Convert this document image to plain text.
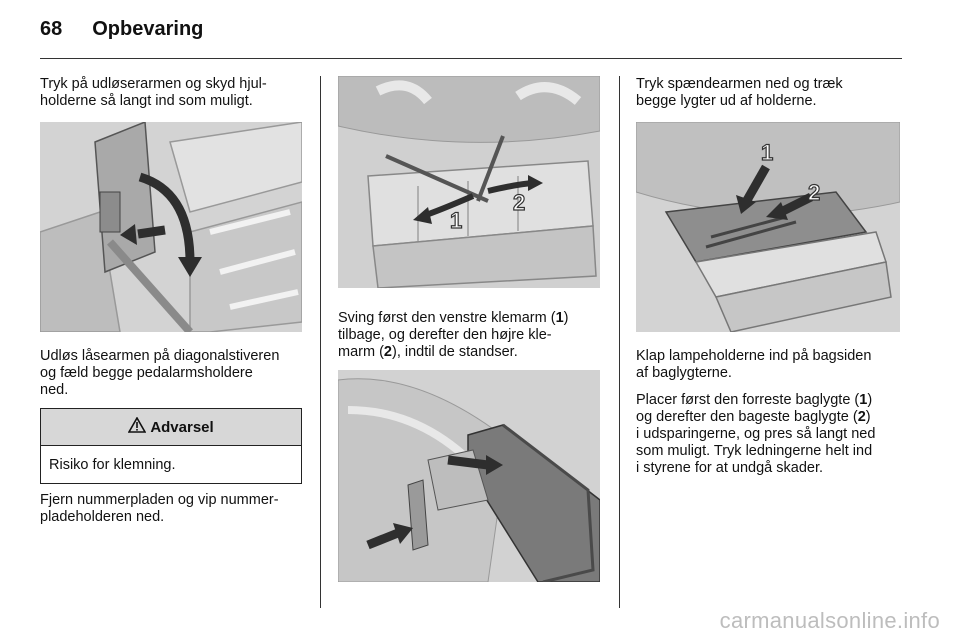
68 Opbevaring

Tryk på udløserarmen og skyd hjul-

holderne så langt ind som muligt.

Udløs låsearmen på diagonalstiveren

og fæld begge pedalarmsholdere

ned.

Advarsel
Risiko for klemning.

Fjern nummerpladen og vip nummer-

pladeholderen ned.

1
2

Sving først den venstre klemarm (1)

tilbage, og derefter den højre kle-

marm (2), indtil de standser.

Tryk spændearmen ned og træk

begge lygter ud af holderne.

1
2

Klap lampeholderne ind på bagsiden

af baglygterne.

Placer først den forreste baglygte (1)

og derefter den bageste baglygte (2)

i udsparingerne, og pres så langt ned

som muligt. Tryk ledningerne helt ind

i styrene for at undgå skader.

carmanualsonline.info
